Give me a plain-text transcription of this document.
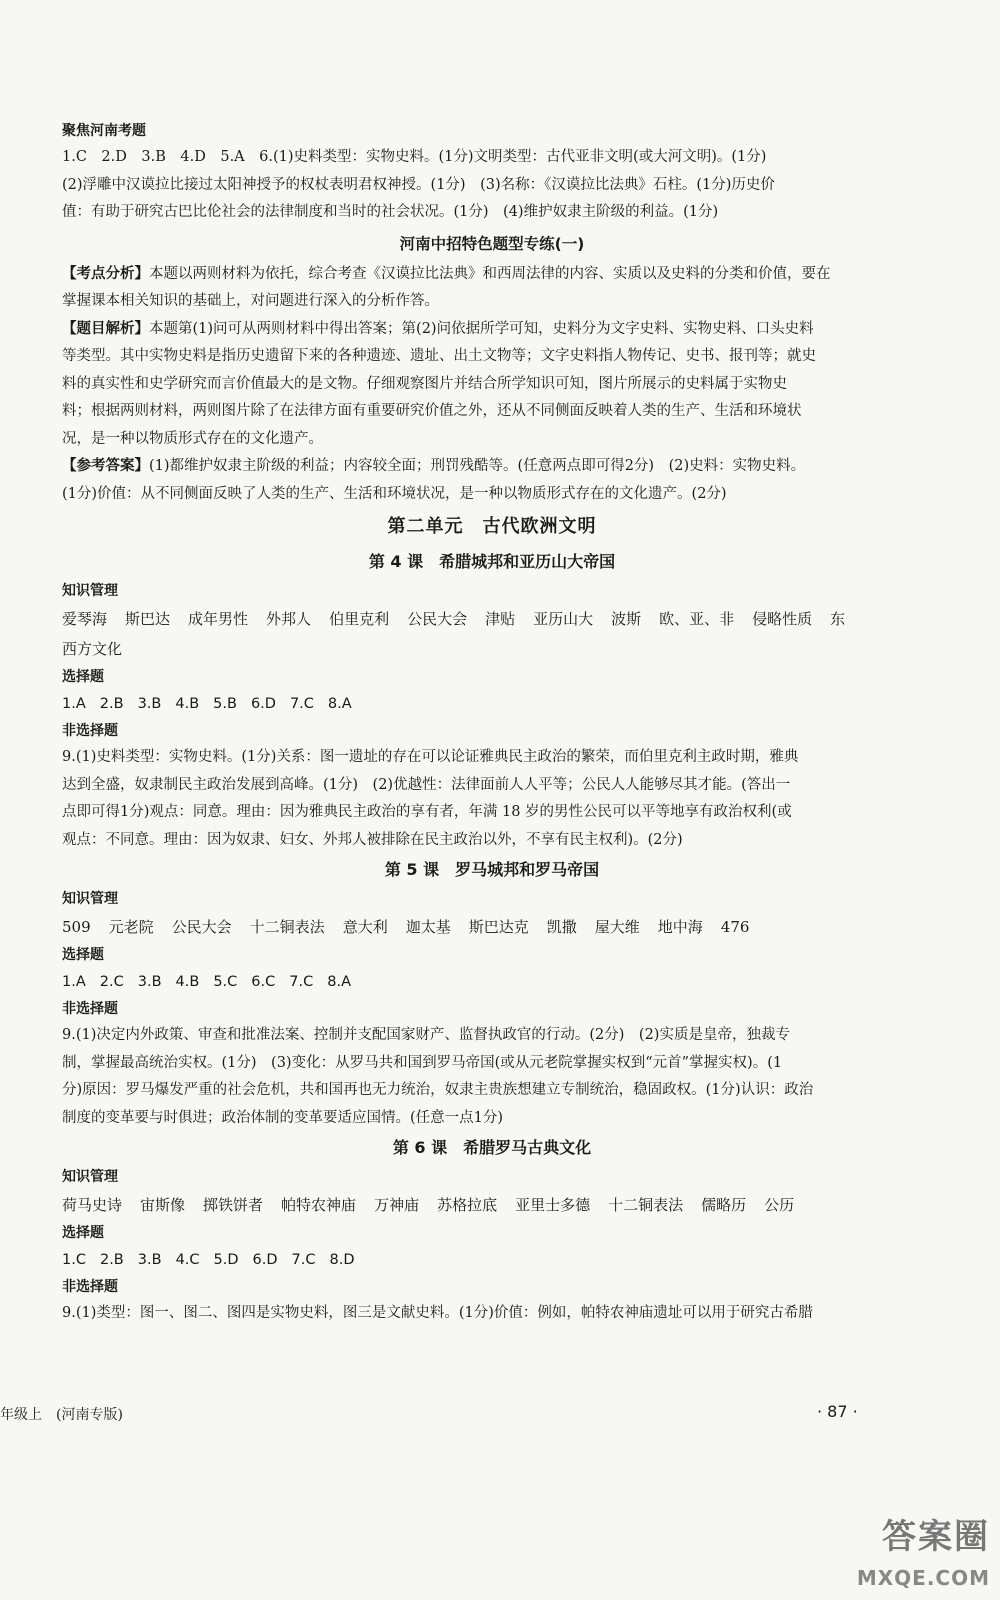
聚焦河南考题

1.C　2.D　3.B　4.D　5.A　6.(1)史料类型：实物史料。(1分)文明类型：古代亚非文明(或大河文明)。(1分)

(2)浮雕中汉谟拉比接过太阳神授予的权杖表明君权神授。(1分)　(3)名称：《汉谟拉比法典》石柱。(1分)历史价

值：有助于研究古巴比伦社会的法律制度和当时的社会状况。(1分)　(4)维护奴隶主阶级的利益。(1分)

河南中招特色题型专练(一)

【考点分析】本题以两则材料为依托，综合考查《汉谟拉比法典》和西周法律的内容、实质以及史料的分类和价值，要在

掌握课本相关知识的基础上，对问题进行深入的分析作答。

【题目解析】本题第(1)问可从两则材料中得出答案；第(2)问依据所学可知，史料分为文字史料、实物史料、口头史料

等类型。其中实物史料是指历史遗留下来的各种遗迹、遗址、出土文物等；文字史料指人物传记、史书、报刊等；就史

料的真实性和史学研究而言价值最大的是文物。仔细观察图片并结合所学知识可知，图片所展示的史料属于实物史

料；根据两则材料，两则图片除了在法律方面有重要研究价值之外，还从不同侧面反映着人类的生产、生活和环境状

况，是一种以物质形式存在的文化遗产。

【参考答案】(1)都维护奴隶主阶级的利益；内容较全面；刑罚残酷等。(任意两点即可得2分)　(2)史料：实物史料。

(1分)价值：从不同侧面反映了人类的生产、生活和环境状况，是一种以物质形式存在的文化遗产。(2分)

第二单元　古代欧洲文明

第 4 课　希腊城邦和亚历山大帝国

知识管理

爱琴海 斯巴达 成年男性 外邦人 伯里克利 公民大会 津贴 亚历山大 波斯 欧、亚、非 侵略性质 东

西方文化

选择题

1.A 2.B 3.B 4.B 5.B 6.D 7.C 8.A

非选择题

9.(1)史料类型：实物史料。(1分)关系：图一遗址的存在可以论证雅典民主政治的繁荣，而伯里克利主政时期，雅典

达到全盛，奴隶制民主政治发展到高峰。(1分)　(2)优越性：法律面前人人平等；公民人人能够尽其才能。(答出一

点即可得1分)观点：同意。理由：因为雅典民主政治的享有者，年满 18 岁的男性公民可以平等地享有政治权利(或

观点：不同意。理由：因为奴隶、妇女、外邦人被排除在民主政治以外，不享有民主权利)。(2分)

第 5 课　罗马城邦和罗马帝国

知识管理

509 元老院 公民大会 十二铜表法 意大利 迦太基 斯巴达克 凯撒 屋大维 地中海 476

选择题

1.A 2.C 3.B 4.B 5.C 6.C 7.C 8.A

非选择题

9.(1)决定内外政策、审查和批准法案、控制并支配国家财产、监督执政官的行动。(2分)　(2)实质是皇帝，独裁专

制，掌握最高统治实权。(1分)　(3)变化：从罗马共和国到罗马帝国(或从元老院掌握实权到“元首”掌握实权)。(1

分)原因：罗马爆发严重的社会危机，共和国再也无力统治，奴隶主贵族想建立专制统治，稳固政权。(1分)认识：政治

制度的变革要与时俱进；政治体制的变革要适应国情。(任意一点1分)

第 6 课　希腊罗马古典文化

知识管理

荷马史诗 宙斯像 掷铁饼者 帕特农神庙 万神庙 苏格拉底 亚里士多德 十二铜表法 儒略历 公历

选择题

1.C 2.B 3.B 4.C 5.D 6.D 7.C 8.D

非选择题

9.(1)类型：图一、图二、图四是实物史料，图三是文献史料。(1分)价值：例如，帕特农神庙遗址可以用于研究古希腊

年级上　(河南专版)	· 87 ·
答案圈
MXQE.COM
